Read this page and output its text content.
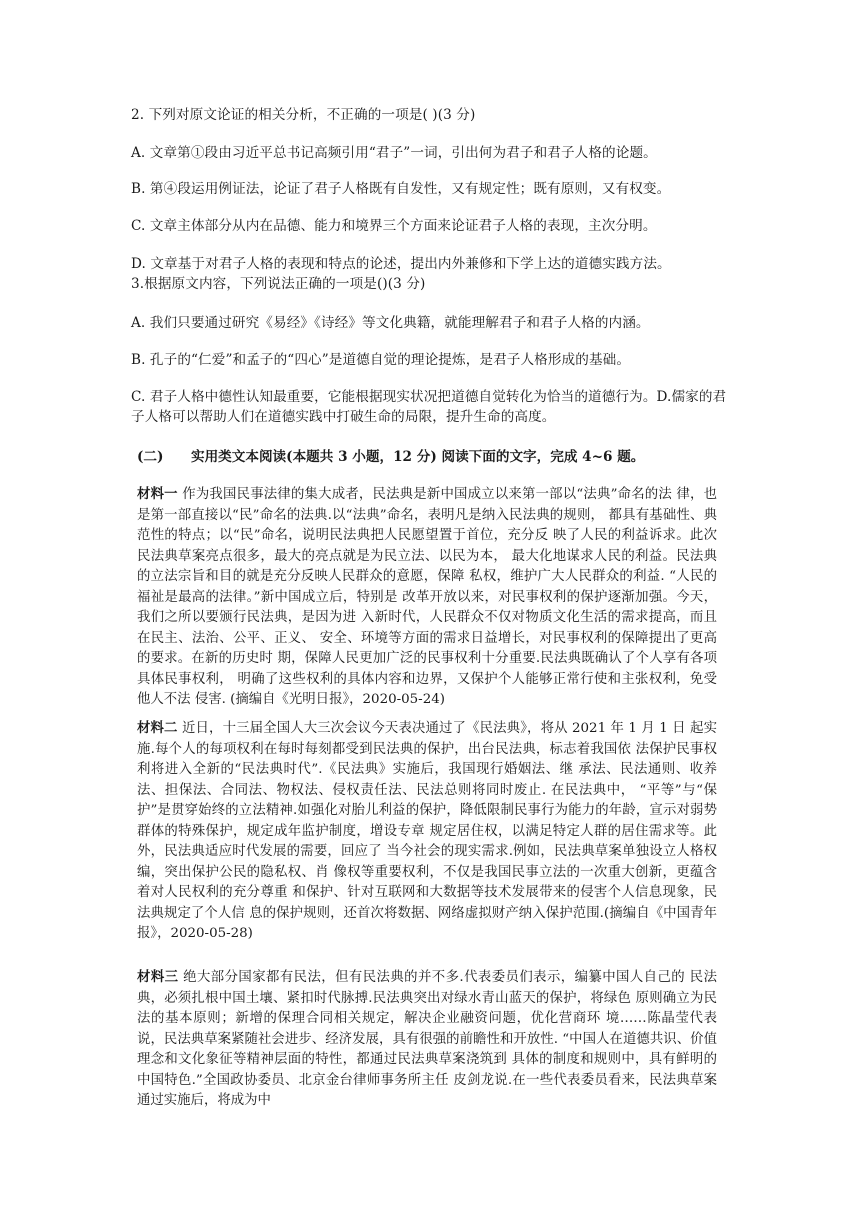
2. 下列对原文论证的相关分析，不正确的一项是( )(3 分)
A. 文章第①段由习近平总书记高频引用“君子”一词，引出何为君子和君子人格的论题。
B. 第④段运用例证法，论证了君子人格既有自发性，又有规定性；既有原则，又有权变。
C. 文章主体部分从内在品德、能力和境界三个方面来论证君子人格的表现，主次分明。
D. 文章基于对君子人格的表现和特点的论述，提出内外兼修和下学上达的道德实践方法。
3.根据原文内容，下列说法正确的一项是()(3 分)
A. 我们只要通过研究《易经》《诗经》等文化典籍，就能理解君子和君子人格的内涵。
B. 孔子的“仁爱”和孟子的“四心”是道德自觉的理论提炼，是君子人格形成的基础。
C. 君子人格中德性认知最重要，它能根据现实状况把道德自觉转化为恰当的道德行为。D.儒家的君子人格可以帮助人们在道德实践中打破生命的局限，提升生命的高度。
(二) 实用类文本阅读(本题共 3 小题，12 分) 阅读下面的文字，完成 4~6 题。
材料一 作为我国民事法律的集大成者，民法典是新中国成立以来第一部以“法典”命名的法 律，也是第一部直接以“民”命名的法典.以“法典”命名，表明凡是纳入民法典的规则， 都具有基础性、典范性的特点；以“民”命名，说明民法典把人民愿望置于首位，充分反 映了人民的利益诉求。此次民法典草案亮点很多，最大的亮点就是为民立法、以民为本， 最大化地谋求人民的利益。民法典的立法宗旨和目的就是充分反映人民群众的意愿，保障 私权，维护广大人民群众的利益. “人民的福祉是最高的法律。”新中国成立后，特别是 改革开放以来，对民事权利的保护逐渐加强。今天，我们之所以要颁行民法典，是因为进 入新时代，人民群众不仅对物质文化生活的需求提高，而且在民主、法治、公平、正义、 安全、环境等方面的需求日益增长，对民事权利的保障提出了更高的要求。在新的历史时 期，保障人民更加广泛的民事权利十分重要.民法典既确认了个人享有各项具体民事权利， 明确了这些权利的具体内容和边界，又保护个人能够正常行使和主张权利，免受他人不法 侵害. (摘编自《光明日报》，2020-05-24)
材料二 近日，十三届全国人大三次会议今天表决通过了《民法典》，将从 2021 年 1 月 1 日 起实施.每个人的每项权利在每时每刻都受到民法典的保护，出台民法典，标志着我国依 法保护民事权利将进入全新的“民法典时代”.《民法典》实施后，我国现行婚姻法、继 承法、民法通则、收养法、担保法、合同法、物权法、侵权责任法、民法总则将同时废止. 在民法典中， “平等”与“保护”是贯穿始终的立法精神.如强化对胎儿利益的保护，降低限制民事行为能力的年龄，宣示对弱势群体的特殊保护，规定成年监护制度，增设专章 规定居住权，以满足特定人群的居住需求等。此外，民法典适应时代发展的需要，回应了 当今社会的现实需求.例如，民法典草案单独设立人格权编，突出保护公民的隐私权、肖 像权等重要权利，不仅是我国民事立法的一次重大创新，更蕴含着对人民权利的充分尊重 和保护、针对互联网和大数据等技术发展带来的侵害个人信息现象，民法典规定了个人信 息的保护规则，还首次将数据、网络虚拟财产纳入保护范围.(摘编自《中国青年报》，2020-05-28)
材料三 绝大部分国家都有民法，但有民法典的并不多.代表委员们表示，编纂中国人自己的 民法典，必须扎根中国土壤、紧扣时代脉搏.民法典突出对绿水青山蓝天的保护，将绿色 原则确立为民法的基本原则；新增的保理合同相关规定，解决企业融资问题，优化营商环 境……陈晶莹代表说，民法典草案紧随社会进步、经济发展，具有很强的前瞻性和开放性. “中国人在道德共识、价值理念和文化象征等精神层面的特性，都通过民法典草案浇筑到 具体的制度和规则中，具有鲜明的中国特色.”全国政协委员、北京金台律师事务所主任 皮剑龙说.在一些代表委员看来，民法典草案通过实施后，将成为中
